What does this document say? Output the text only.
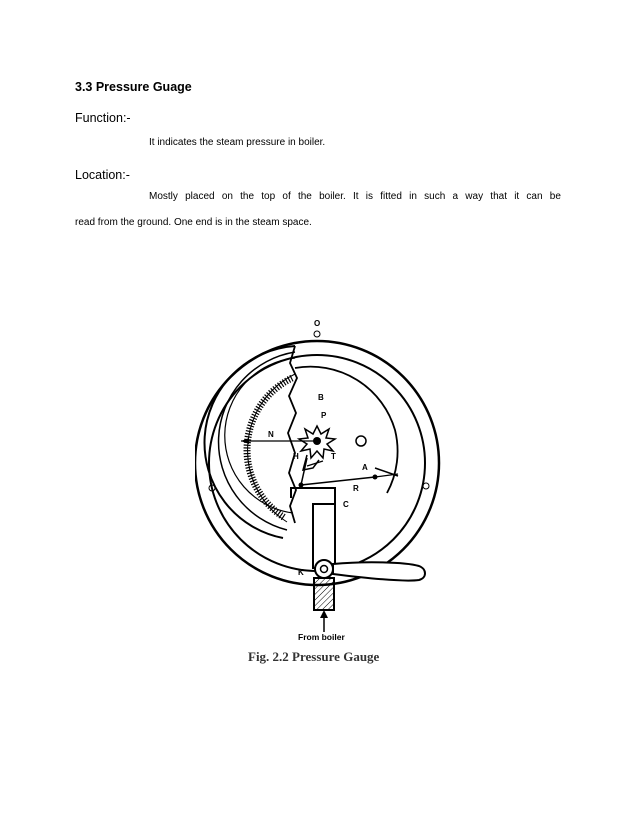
3.3 Pressure Guage
Function:-
It indicates the steam pressure in boiler.
Location:-
Mostly placed on the top of the boiler. It is fitted in such a way that it can be
read from the ground. One end is in the steam space.
O
B
P
N
H	T
A
R
C
K
From boiler
Fig. 2.2 Pressure Gauge
